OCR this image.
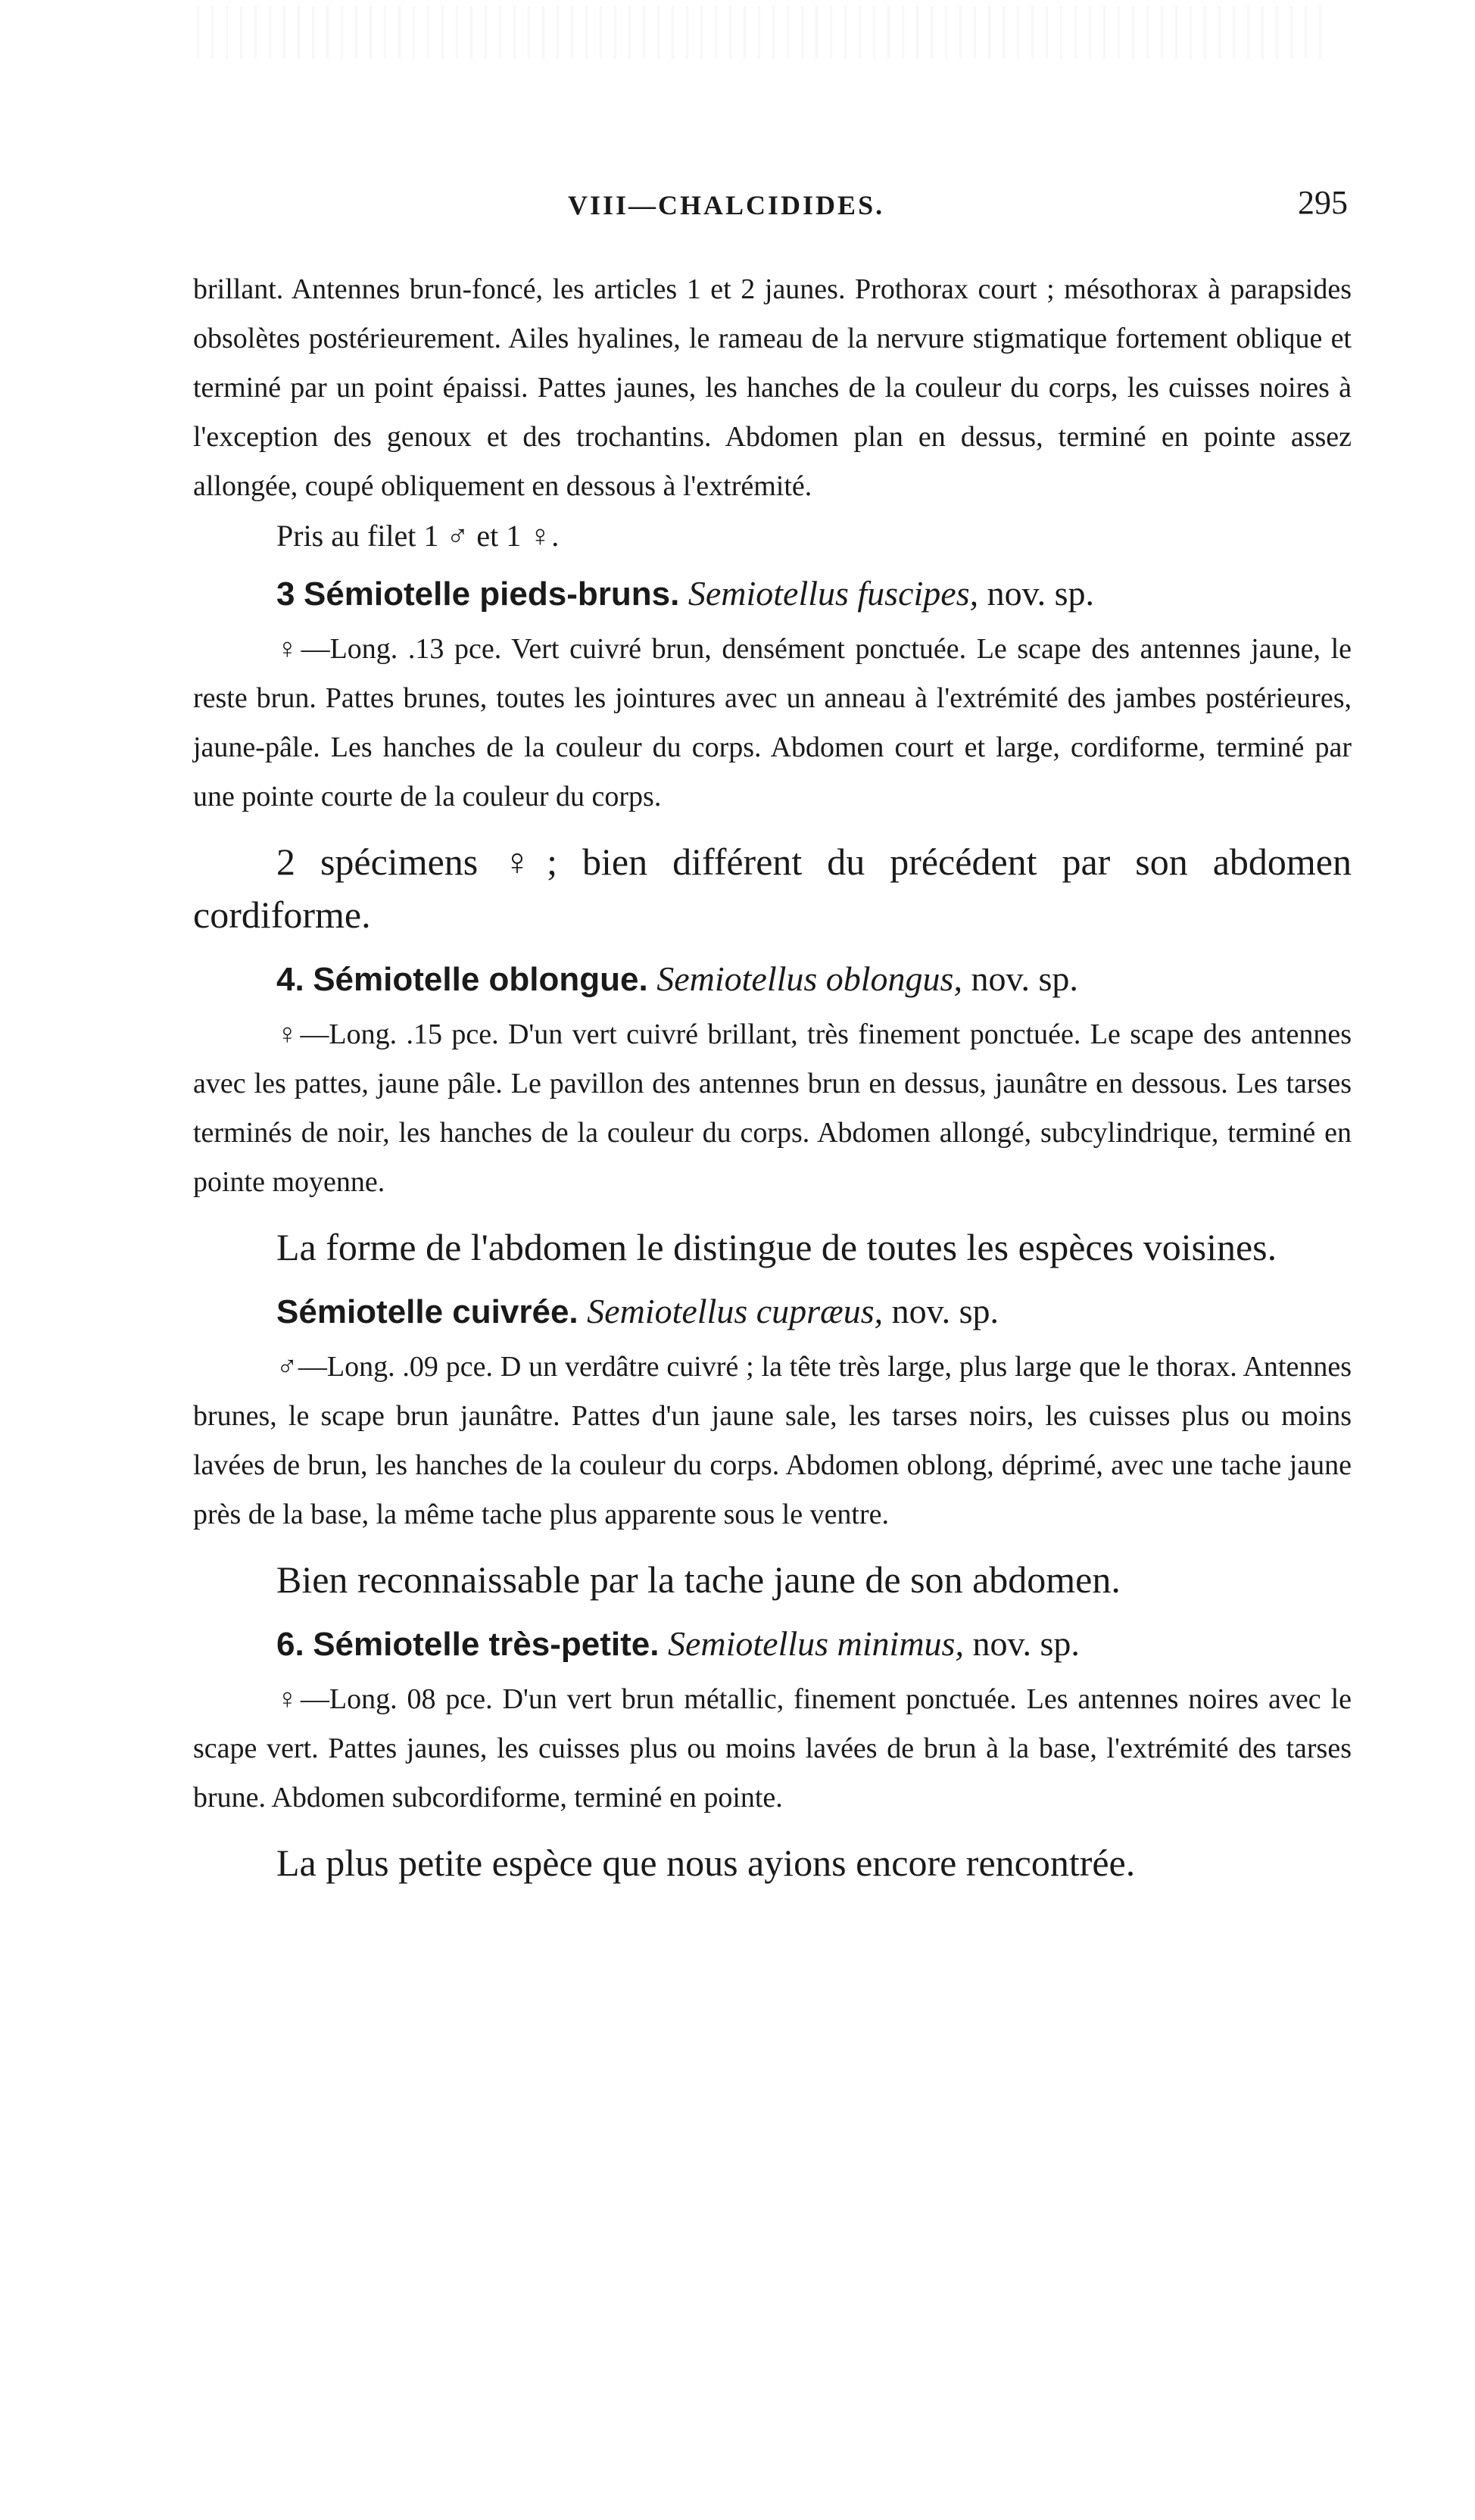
VIII—CHALCIDIDES.	295

brillant. Antennes brun-foncé, les articles 1 et 2 jaunes. Prothorax court ; mésothorax à parapsides obsolètes postérieurement. Ailes hyalines, le rameau de la nervure stigmatique fortement oblique et terminé par un point épaissi. Pattes jaunes, les hanches de la couleur du corps, les cuisses noires à l'exception des genoux et des trochantins. Abdomen plan en dessus, terminé en pointe assez allongée, coupé obliquement en dessous à l'extrémité.

Pris au filet 1 ♂ et 1 ♀.

3 Sémiotelle pieds-bruns. Semiotellus fuscipes, nov. sp.

♀—Long. .13 pce. Vert cuivré brun, densément ponctuée. Le scape des antennes jaune, le reste brun. Pattes brunes, toutes les jointures avec un anneau à l'extrémité des jambes postérieures, jaune-pâle. Les hanches de la couleur du corps. Abdomen court et large, cordiforme, terminé par une pointe courte de la couleur du corps.

2 spécimens ♀; bien différent du précédent par son abdomen cordiforme.

4. Sémiotelle oblongue. Semiotellus oblongus, nov. sp.

♀—Long. .15 pce. D'un vert cuivré brillant, très finement ponctuée. Le scape des antennes avec les pattes, jaune pâle. Le pavillon des antennes brun en dessus, jaunâtre en dessous. Les tarses terminés de noir, les hanches de la couleur du corps. Abdomen allongé, subcylindrique, terminé en pointe moyenne.

La forme de l'abdomen le distingue de toutes les espèces voisines.

Sémiotelle cuivrée. Semiotellus cupræus, nov. sp.

♂—Long. .09 pce. D un verdâtre cuivré ; la tête très large, plus large que le thorax. Antennes brunes, le scape brun jaunâtre. Pattes d'un jaune sale, les tarses noirs, les cuisses plus ou moins lavées de brun, les hanches de la couleur du corps. Abdomen oblong, déprimé, avec une tache jaune près de la base, la même tache plus apparente sous le ventre.

Bien reconnaissable par la tache jaune de son abdomen.

6. Sémiotelle très-petite. Semiotellus minimus, nov. sp.

♀—Long. 08 pce. D'un vert brun métallic, finement ponctuée. Les antennes noires avec le scape vert. Pattes jaunes, les cuisses plus ou moins lavées de brun à la base, l'extrémité des tarses brune. Abdomen subcordiforme, terminé en pointe.

La plus petite espèce que nous ayions encore rencontrée.
